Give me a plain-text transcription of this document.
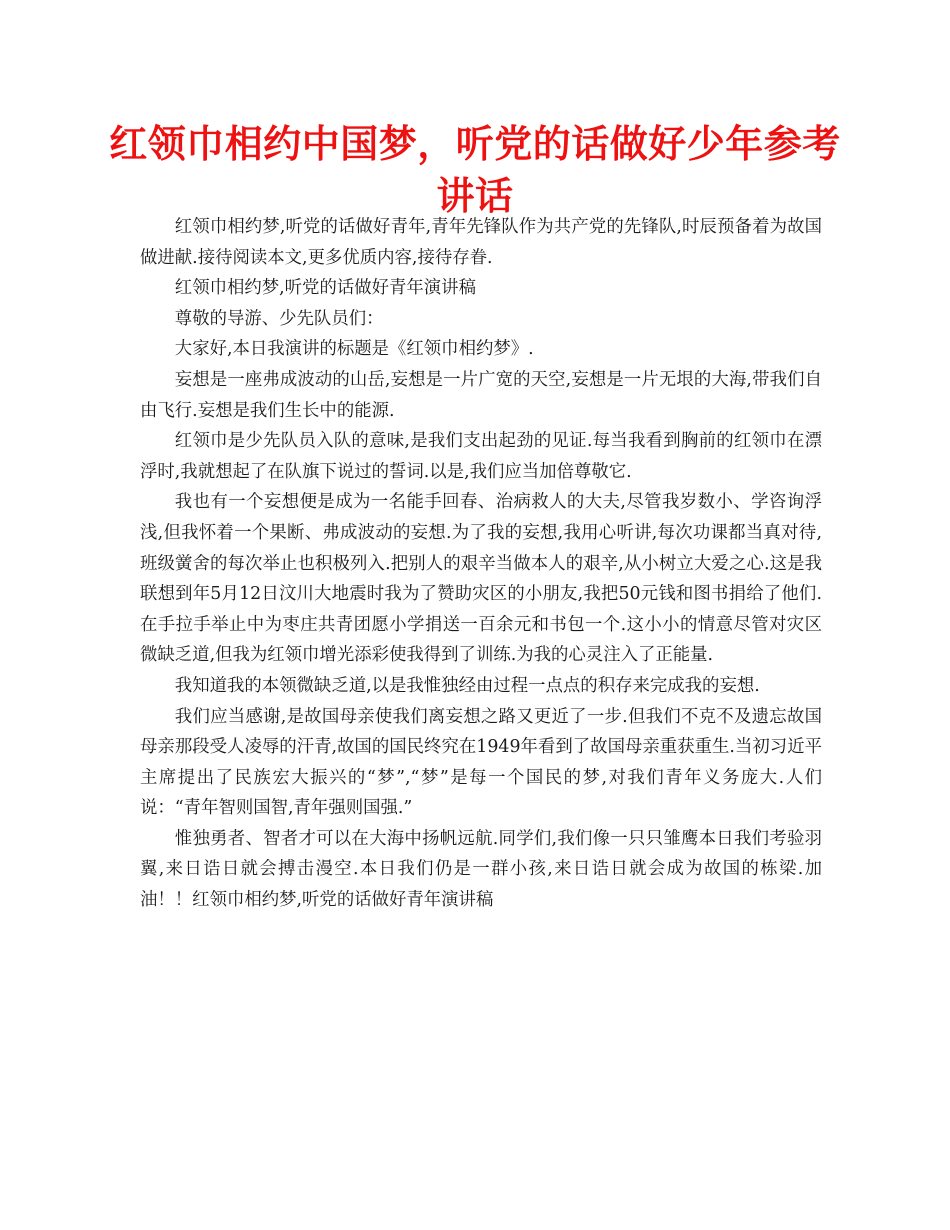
红领巾相约中国梦，听党的话做好少年参考讲话

红领巾相约梦,听党的话做好青年,青年先锋队作为共产党的先锋队,时辰预备着为故国做进献.接待阅读本文,更多优质内容,接待存眷.

红领巾相约梦,听党的话做好青年演讲稿

尊敬的导游、少先队员们：

大家好,本日我演讲的标题是《红领巾相约梦》.

妄想是一座弗成波动的山岳,妄想是一片广宽的天空,妄想是一片无垠的大海,带我们自由飞行.妄想是我们生长中的能源.

红领巾是少先队员入队的意味,是我们支出起劲的见证.每当我看到胸前的红领巾在漂浮时,我就想起了在队旗下说过的誓词.以是,我们应当加倍尊敬它.

我也有一个妄想便是成为一名能手回春、治病救人的大夫,尽管我岁数小、学咨询浮浅,但我怀着一个果断、弗成波动的妄想.为了我的妄想,我用心听讲,每次功课都当真对待,班级黉舍的每次举止也积极列入.把别人的艰辛当做本人的艰辛,从小树立大爱之心.这是我联想到年5月12日汶川大地震时我为了赞助灾区的小朋友,我把50元钱和图书捐给了他们.在手拉手举止中为枣庄共青团愿小学捐送一百余元和书包一个.这小小的情意尽管对灾区微缺乏道,但我为红领巾增光添彩使我得到了训练.为我的心灵注入了正能量.

我知道我的本领微缺乏道,以是我惟独经由过程一点点的积存来完成我的妄想.

我们应当感谢,是故国母亲使我们离妄想之路又更近了一步.但我们不克不及遗忘故国母亲那段受人凌辱的汗青,故国的国民终究在1949年看到了故国母亲重获重生.当初习近平主席提出了民族宏大振兴的“梦”,“梦”是每一个国民的梦,对我们青年义务庞大.人们说：“青年智则国智,青年强则国强.”

惟独勇者、智者才可以在大海中扬帆远航.同学们,我们像一只只雏鹰本日我们考验羽翼,来日诰日就会搏击漫空.本日我们仍是一群小孩,来日诰日就会成为故国的栋梁.加油！！红领巾相约梦,听党的话做好青年演讲稿
